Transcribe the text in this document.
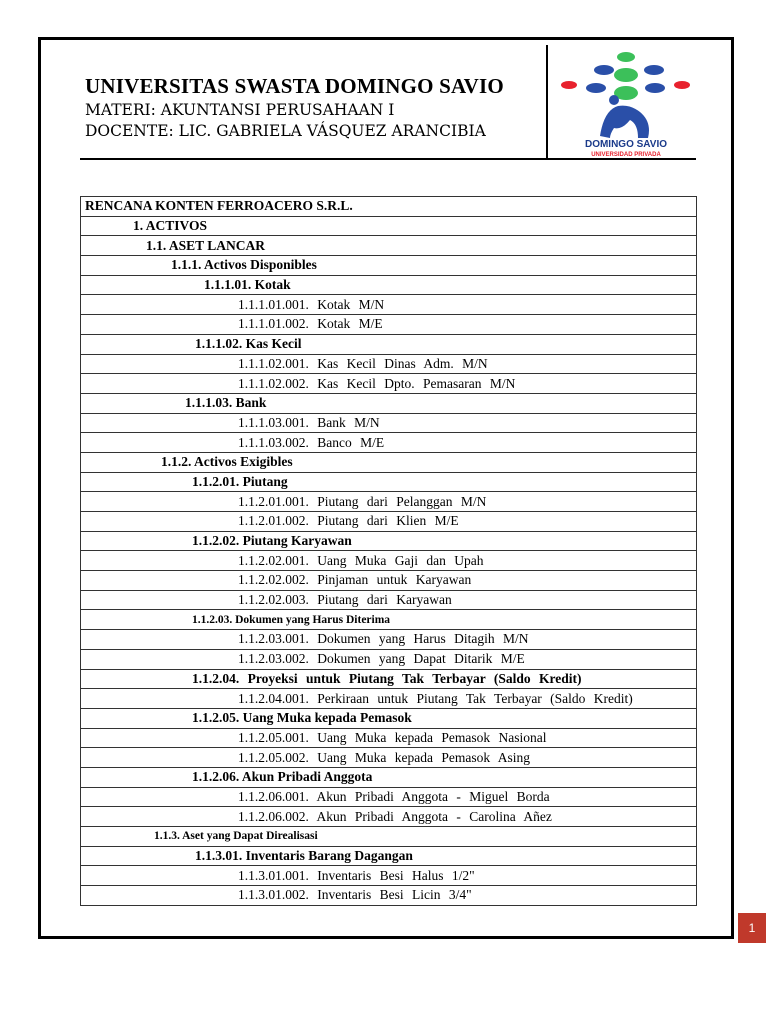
UNIVERSITAS SWASTA DOMINGO SAVIO
MATERI: AKUNTANSI PERUSAHAAN I
DOCENTE: LIC. GABRIELA VÁSQUEZ ARANCIBIA
DOMINGO SAVIO
UNIVERSIDAD PRIVADA
RENCANA KONTEN FERROACERO S.R.L.
1. ACTIVOS
1.1. ASET LANCAR
1.1.1. Activos Disponibles
1.1.1.01. Kotak
1.1.1.01.001. Kotak M/N
1.1.1.01.002. Kotak M/E
1.1.1.02. Kas Kecil
1.1.1.02.001. Kas Kecil Dinas Adm. M/N
1.1.1.02.002. Kas Kecil Dpto. Pemasaran M/N
1.1.1.03. Bank
1.1.1.03.001. Bank M/N
1.1.1.03.002. Banco M/E
1.1.2. Activos Exigibles
1.1.2.01. Piutang
1.1.2.01.001. Piutang dari Pelanggan M/N
1.1.2.01.002. Piutang dari Klien M/E
1.1.2.02. Piutang Karyawan
1.1.2.02.001. Uang Muka Gaji dan Upah
1.1.2.02.002. Pinjaman untuk Karyawan
1.1.2.02.003. Piutang dari Karyawan
1.1.2.03. Dokumen yang Harus Diterima
1.1.2.03.001. Dokumen yang Harus Ditagih M/N
1.1.2.03.002. Dokumen yang Dapat Ditarik M/E
1.1.2.04. Proyeksi untuk Piutang Tak Terbayar (Saldo Kredit)
1.1.2.04.001. Perkiraan untuk Piutang Tak Terbayar (Saldo Kredit)
1.1.2.05. Uang Muka kepada Pemasok
1.1.2.05.001. Uang Muka kepada Pemasok Nasional
1.1.2.05.002. Uang Muka kepada Pemasok Asing
1.1.2.06. Akun Pribadi Anggota
1.1.2.06.001. Akun Pribadi Anggota - Miguel Borda
1.1.2.06.002. Akun Pribadi Anggota - Carolina Añez
1.1.3. Aset yang Dapat Direalisasi
1.1.3.01. Inventaris Barang Dagangan
1.1.3.01.001. Inventaris Besi Halus 1/2"
1.1.3.01.002. Inventaris Besi Licin 3/4"
1
